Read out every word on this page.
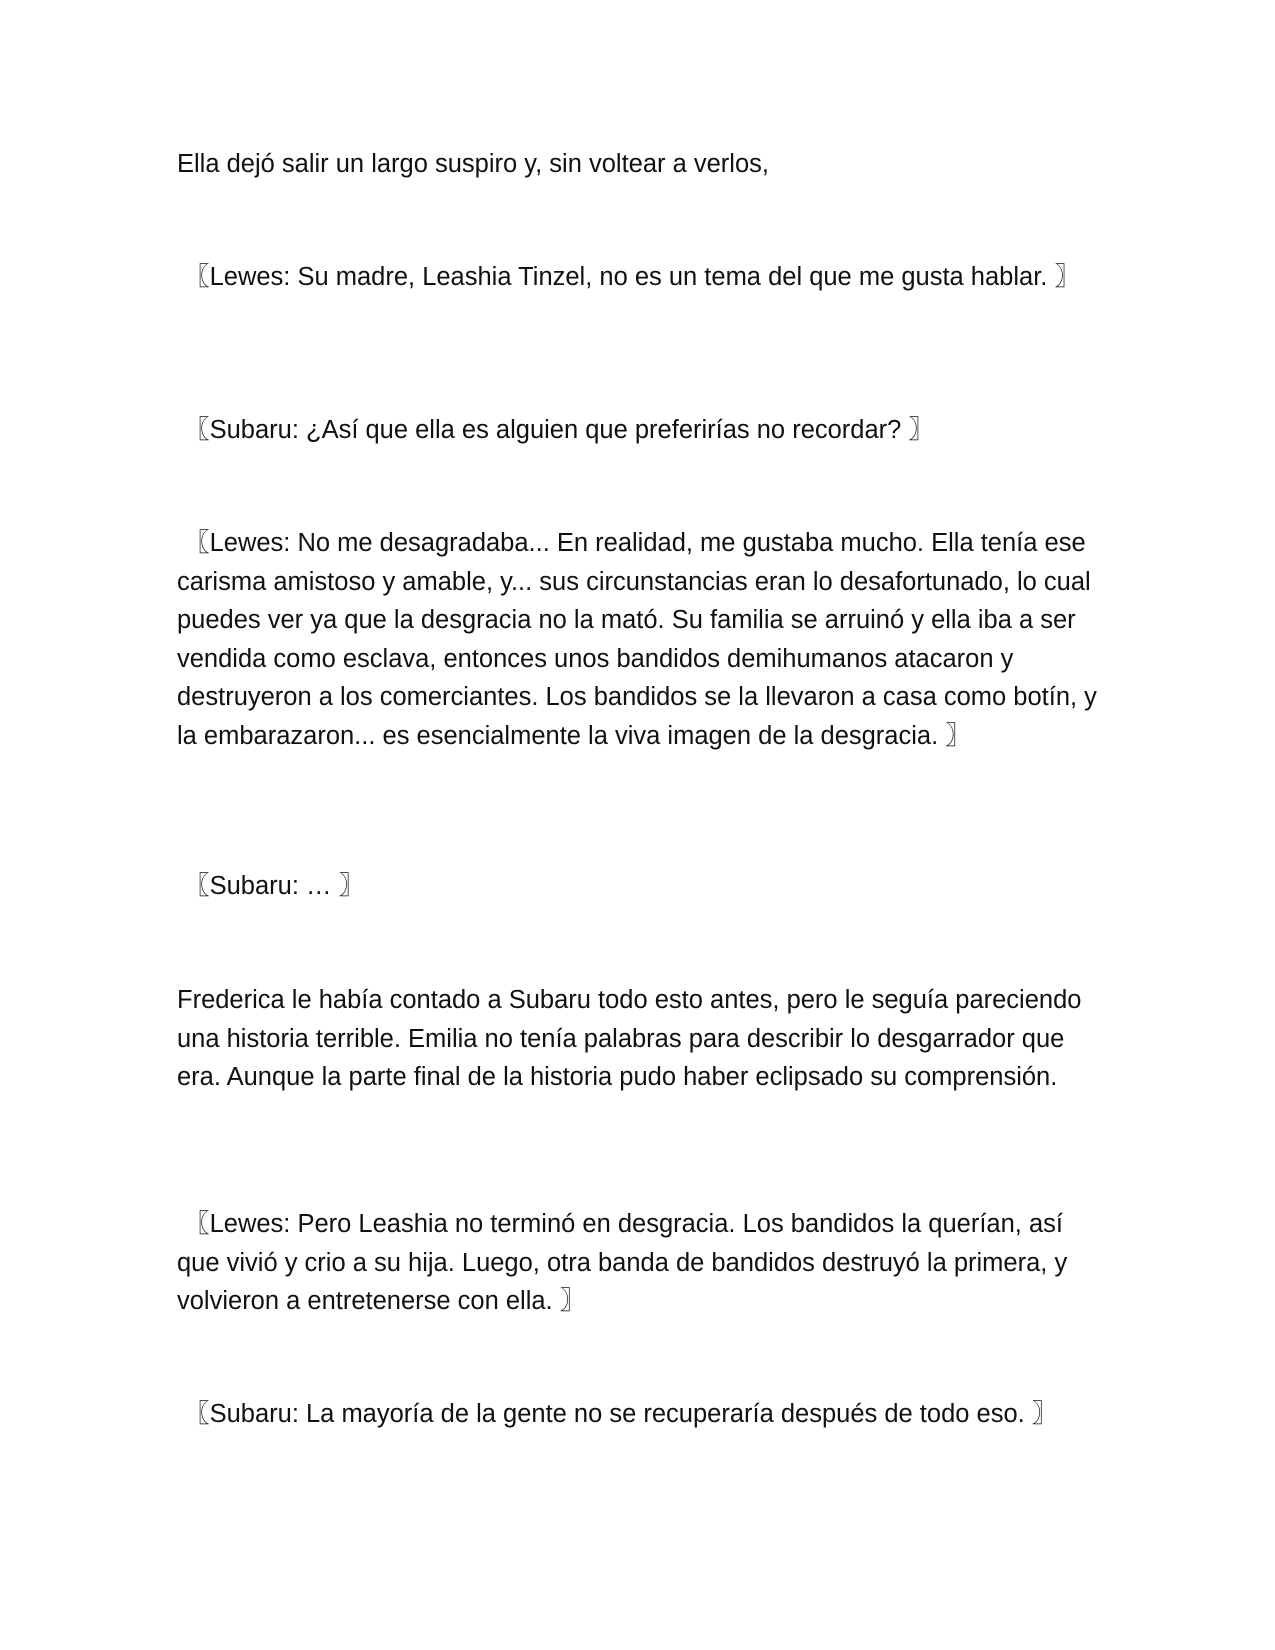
Ella dejó salir un largo suspiro y, sin voltear a verlos,

〖Lewes: Su madre, Leashia Tinzel, no es un tema del que me gusta hablar. 〗

〖Subaru: ¿Así que ella es alguien que preferirías no recordar? 〗

〖Lewes: No me desagradaba... En realidad, me gustaba mucho. Ella tenía ese carisma amistoso y amable, y... sus circunstancias eran lo desafortunado, lo cual puedes ver ya que la desgracia no la mató. Su familia se arruinó y ella iba a ser vendida como esclava, entonces unos bandidos demihumanos atacaron y destruyeron a los comerciantes. Los bandidos se la llevaron a casa como botín, y la embarazaron... es esencialmente la viva imagen de la desgracia. 〗

〖Subaru: … 〗

Frederica le había contado a Subaru todo esto antes, pero le seguía pareciendo una historia terrible. Emilia no tenía palabras para describir lo desgarrador que era. Aunque la parte final de la historia pudo haber eclipsado su comprensión.

〖Lewes: Pero Leashia no terminó en desgracia. Los bandidos la querían, así que vivió y crio a su hija. Luego, otra banda de bandidos destruyó la primera, y volvieron a entretenerse con ella. 〗

〖Subaru: La mayoría de la gente no se recuperaría después de todo eso. 〗
